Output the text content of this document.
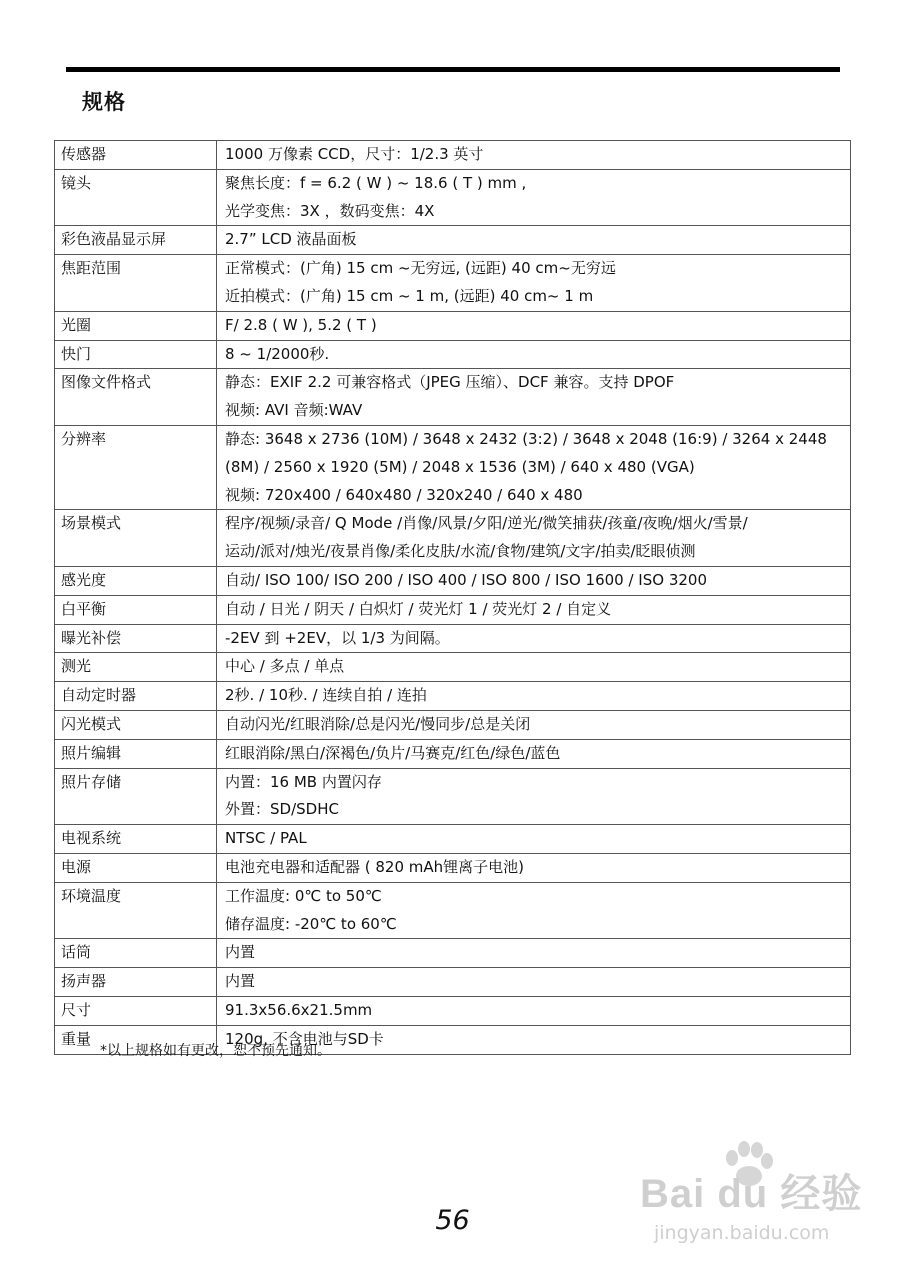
规格
传感器	1000 万像素 CCD，尺寸：1/2.3 英寸

镜头	聚焦长度：f = 6.2 ( W ) ~ 18.6 ( T ) mm ,
光学变焦：3X ，数码变焦：4X

彩色液晶显示屏	2.7” LCD 液晶面板

焦距范围	正常模式：(广角) 15 cm ~无穷远, (远距) 40 cm~无穷远
近拍模式：(广角) 15 cm ~ 1 m, (远距) 40 cm~ 1 m

光圈	F/ 2.8 ( W ), 5.2 ( T )

快门	8 ~ 1/2000秒.

图像文件格式	静态：EXIF 2.2 可兼容格式（JPEG 压缩）、DCF 兼容。支持 DPOF
视频: AVI 音频:WAV

分辨率	静态: 3648 x 2736 (10M) / 3648 x 2432 (3:2) / 3648 x 2048 (16:9) / 3264 x 2448
(8M) / 2560 x 1920 (5M) / 2048 x 1536 (3M) / 640 x 480 (VGA)
视频: 720x400 / 640x480 / 320x240 / 640 x 480

场景模式	程序/视频/录音/ Q Mode /肖像/风景/夕阳/逆光/微笑捕获/孩童/夜晚/烟火/雪景/
运动/派对/烛光/夜景肖像/柔化皮肤/水流/食物/建筑/文字/拍卖/眨眼侦测

感光度	自动/ ISO 100/ ISO 200 / ISO 400 / ISO 800 / ISO 1600 / ISO 3200

白平衡	自动 / 日光 / 阴天 / 白炽灯 / 荧光灯 1 / 荧光灯 2 / 自定义

曝光补偿	-2EV 到 +2EV，以 1/3 为间隔。

测光	中心 / 多点 / 单点

自动定时器	2秒. / 10秒. / 连续自拍 / 连拍

闪光模式	自动闪光/红眼消除/总是闪光/慢同步/总是关闭

照片编辑	红眼消除/黑白/深褐色/负片/马赛克/红色/绿色/蓝色

照片存储	内置：16 MB 内置闪存
外置：SD/SDHC

电视系统	NTSC / PAL

电源	电池充电器和适配器 ( 820 mAh锂离子电池)

环境温度	工作温度: 0℃ to 50℃
储存温度: -20℃ to 60℃

话筒	内置

扬声器	内置

尺寸	91.3x56.6x21.5mm

重量	120g, 不含电池与SD卡
*以上规格如有更改，恕不预先通知。
Bai du 经验
jingyan.baidu.com
56
